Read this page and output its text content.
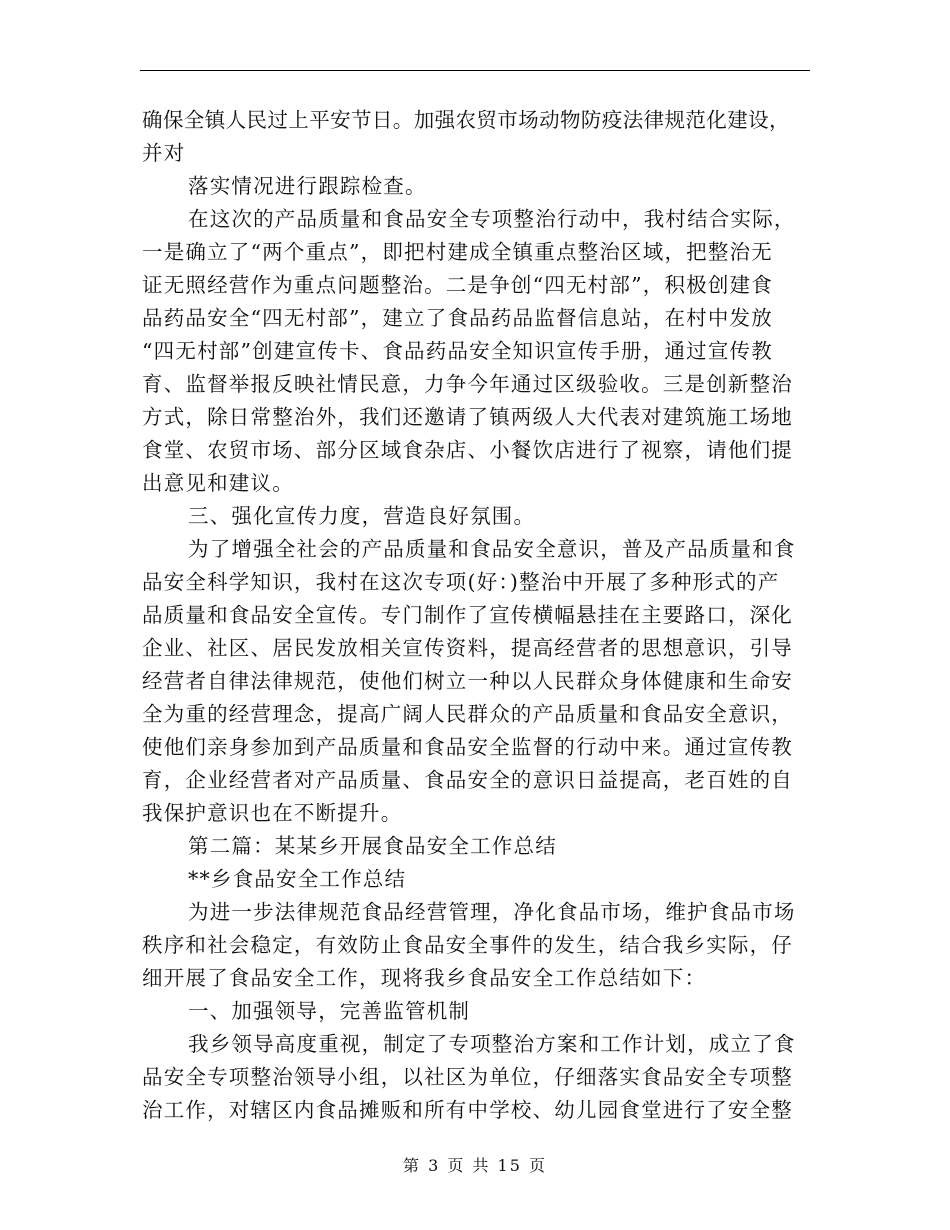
确保全镇人民过上平安节日。加强农贸市场动物防疫法律规范化建设，
并对
落实情况进行跟踪检查。
在这次的产品质量和食品安全专项整治行动中，我村结合实际，
一是确立了“两个重点”，即把村建成全镇重点整治区域，把整治无
证无照经营作为重点问题整治。二是争创“四无村部”，积极创建食
品药品安全“四无村部”，建立了食品药品监督信息站，在村中发放
“四无村部”创建宣传卡、食品药品安全知识宣传手册，通过宣传教
育、监督举报反映社情民意，力争今年通过区级验收。三是创新整治
方式，除日常整治外，我们还邀请了镇两级人大代表对建筑施工场地
食堂、农贸市场、部分区域食杂店、小餐饮店进行了视察，请他们提
出意见和建议。
三、强化宣传力度，营造良好氛围。
为了增强全社会的产品质量和食品安全意识，普及产品质量和食
品安全科学知识，我村在这次专项(好：)整治中开展了多种形式的产
品质量和食品安全宣传。专门制作了宣传横幅悬挂在主要路口，深化
企业、社区、居民发放相关宣传资料，提高经营者的思想意识，引导
经营者自律法律规范，使他们树立一种以人民群众身体健康和生命安
全为重的经营理念，提高广阔人民群众的产品质量和食品安全意识，
使他们亲身参加到产品质量和食品安全监督的行动中来。通过宣传教
育，企业经营者对产品质量、食品安全的意识日益提高，老百姓的自
我保护意识也在不断提升。
第二篇：某某乡开展食品安全工作总结
**乡食品安全工作总结
为进一步法律规范食品经营管理，净化食品市场，维护食品市场
秩序和社会稳定，有效防止食品安全事件的发生，结合我乡实际，仔
细开展了食品安全工作，现将我乡食品安全工作总结如下：
一、加强领导，完善监管机制
我乡领导高度重视，制定了专项整治方案和工作计划，成立了食
品安全专项整治领导小组，以社区为单位，仔细落实食品安全专项整
治工作，对辖区内食品摊贩和所有中学校、幼儿园食堂进行了安全整
第 3 页 共 15 页
